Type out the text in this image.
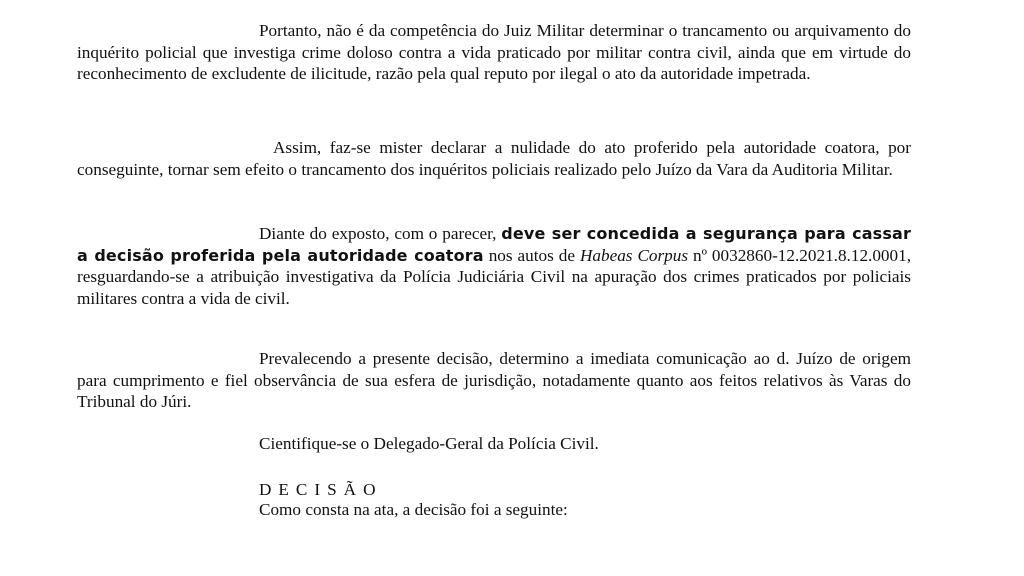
Portanto, não é da competência do Juiz Militar determinar o trancamento ou arquivamento do inquérito policial que investiga crime doloso contra a vida praticado por militar contra civil, ainda que em virtude do reconhecimento de excludente de ilicitude, razão pela qual reputo por ilegal o ato da autoridade impetrada.

Assim, faz-se mister declarar a nulidade do ato proferido pela autoridade coatora, por conseguinte, tornar sem efeito o trancamento dos inquéritos policiais realizado pelo Juízo da Vara da Auditoria Militar.

Diante do exposto, com o parecer, deve ser concedida a segurança para cassar a decisão proferida pela autoridade coatora nos autos de Habeas Corpus nº 0032860-12.2021.8.12.0001, resguardando-se a atribuição investigativa da Polícia Judiciária Civil na apuração dos crimes praticados por policiais militares contra a vida de civil.

Prevalecendo a presente decisão, determino a imediata comunicação ao d. Juízo de origem para cumprimento e fiel observância de sua esfera de jurisdição, notadamente quanto aos feitos relativos às Varas do Tribunal do Júri.

Cientifique-se o Delegado-Geral da Polícia Civil.

DECISÃO

Como consta na ata, a decisão foi a seguinte:
